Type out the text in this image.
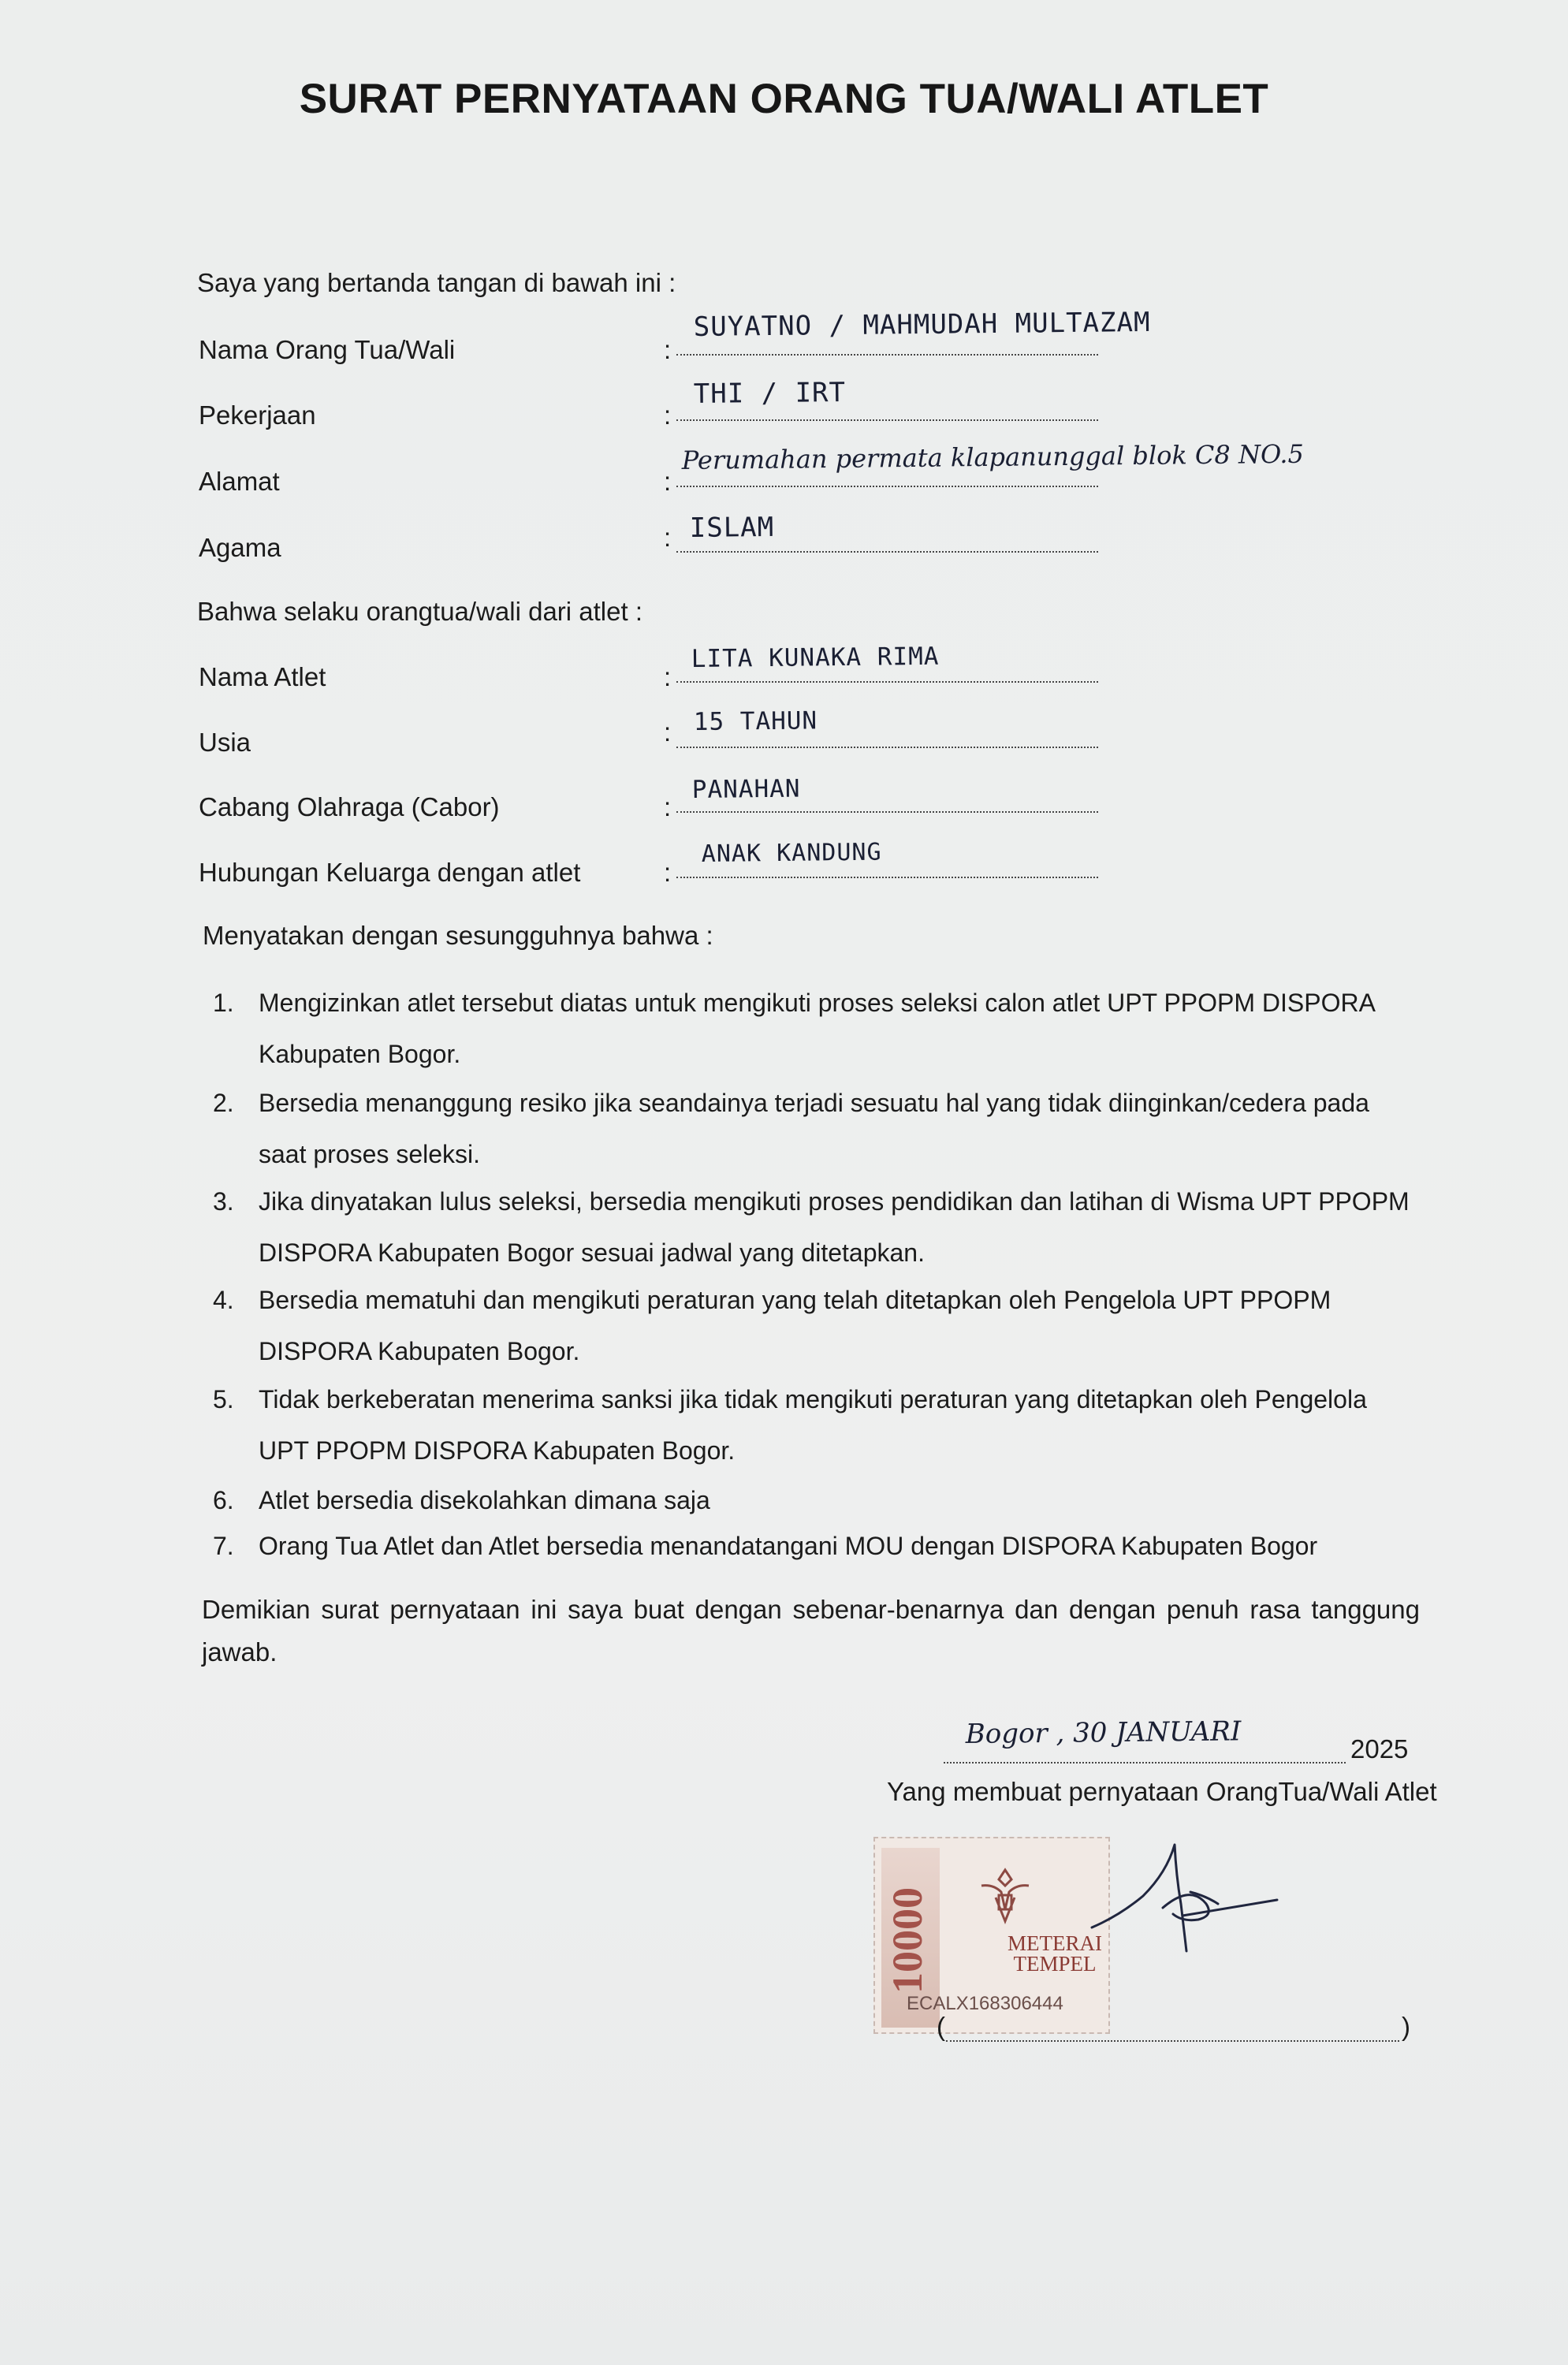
SURAT PERNYATAAN ORANG TUA/WALI ATLET
Saya yang bertanda tangan di bawah ini :
Nama Orang Tua/Wali	:
SUYATNO / MAHMUDAH MULTAZAM
Pekerjaan	:
THI / IRT
Alamat	:
Perumahan permata klapanunggal blok C8 NO.5
Agama	: ISLAM
Bahwa selaku orangtua/wali dari atlet :
Nama Atlet	:
LITA KUNAKA RIMA
Usia	: 15 TAHUN
Cabang Olahraga (Cabor)	:
PANAHAN
Hubungan Keluarga dengan atlet	:
ANAK KANDUNG
Menyatakan dengan sesungguhnya bahwa :
1. Mengizinkan atlet tersebut diatas untuk mengikuti proses seleksi calon atlet UPT PPOPM DISPORA Kabupaten Bogor.
2. Bersedia menanggung resiko jika seandainya terjadi sesuatu hal yang tidak diinginkan/cedera pada saat proses seleksi.
3. Jika dinyatakan lulus seleksi, bersedia mengikuti proses pendidikan dan latihan di Wisma UPT PPOPM DISPORA Kabupaten Bogor sesuai jadwal yang ditetapkan.
4. Bersedia mematuhi dan mengikuti peraturan yang telah ditetapkan oleh Pengelola UPT PPOPM DISPORA Kabupaten Bogor.
5. Tidak berkeberatan menerima sanksi jika tidak mengikuti peraturan yang ditetapkan oleh Pengelola UPT PPOPM DISPORA Kabupaten Bogor.
6. Atlet bersedia disekolahkan dimana saja
7. Orang Tua Atlet dan Atlet bersedia menandatangani MOU dengan DISPORA Kabupaten Bogor
Demikian surat pernyataan ini saya buat dengan sebenar-benarnya dan dengan penuh rasa tanggung jawab.
Bogor , 30 JANUARI	2025
Yang membuat pernyataan OrangTua/Wali Atlet
10000	METERAI TEMPEL
ECALX168306444
(	)
